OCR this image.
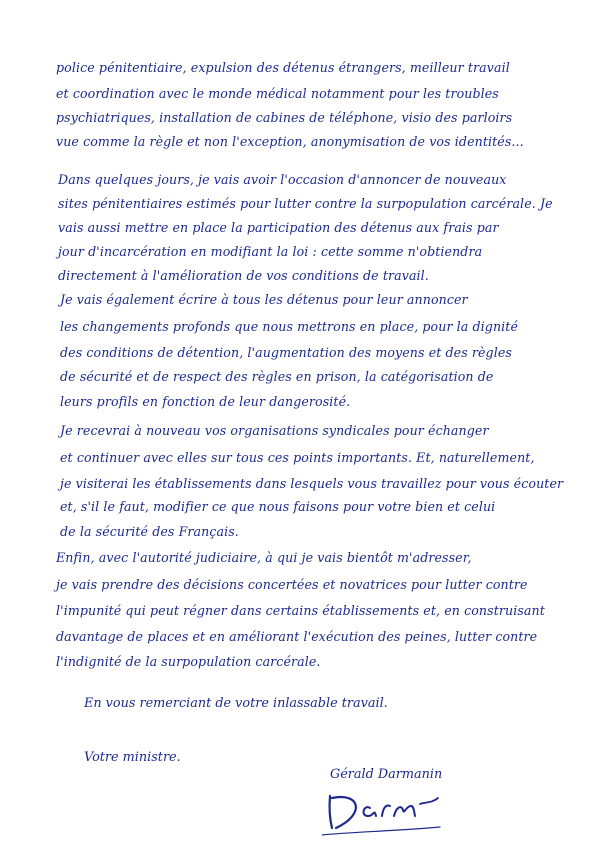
police pénitentiaire, expulsion des détenus étrangers, meilleur travail
et coordination avec le monde médical notamment pour les troubles
psychiatriques, installation de cabines de téléphone, visio des parloirs
vue comme la règle et non l'exception, anonymisation de vos identités...
Dans quelques jours, je vais avoir l'occasion d'annoncer de nouveaux
sites pénitentiaires estimés pour lutter contre la surpopulation carcérale. Je
vais aussi mettre en place la participation des détenus aux frais par
jour d'incarcération en modifiant la loi : cette somme n'obtiendra
directement à l'amélioration de vos conditions de travail.
Je vais également écrire à tous les détenus pour leur annoncer
les changements profonds que nous mettrons en place, pour la dignité
des conditions de détention, l'augmentation des moyens et des règles
de sécurité et de respect des règles en prison, la catégorisation de
leurs profils en fonction de leur dangerosité.
Je recevrai à nouveau vos organisations syndicales pour échanger
et continuer avec elles sur tous ces points importants. Et, naturellement,
je visiterai les établissements dans lesquels vous travaillez pour vous écouter
et, s'il le faut, modifier ce que nous faisons pour votre bien et celui
de la sécurité des Français.
Enfin, avec l'autorité judiciaire, à qui je vais bientôt m'adresser,
je vais prendre des décisions concertées et novatrices pour lutter contre
l'impunité qui peut régner dans certains établissements et, en construisant
davantage de places et en améliorant l'exécution des peines, lutter contre
l'indignité de la surpopulation carcérale.
En vous remerciant de votre inlassable travail.
Votre ministre.
Gérald Darmanin
